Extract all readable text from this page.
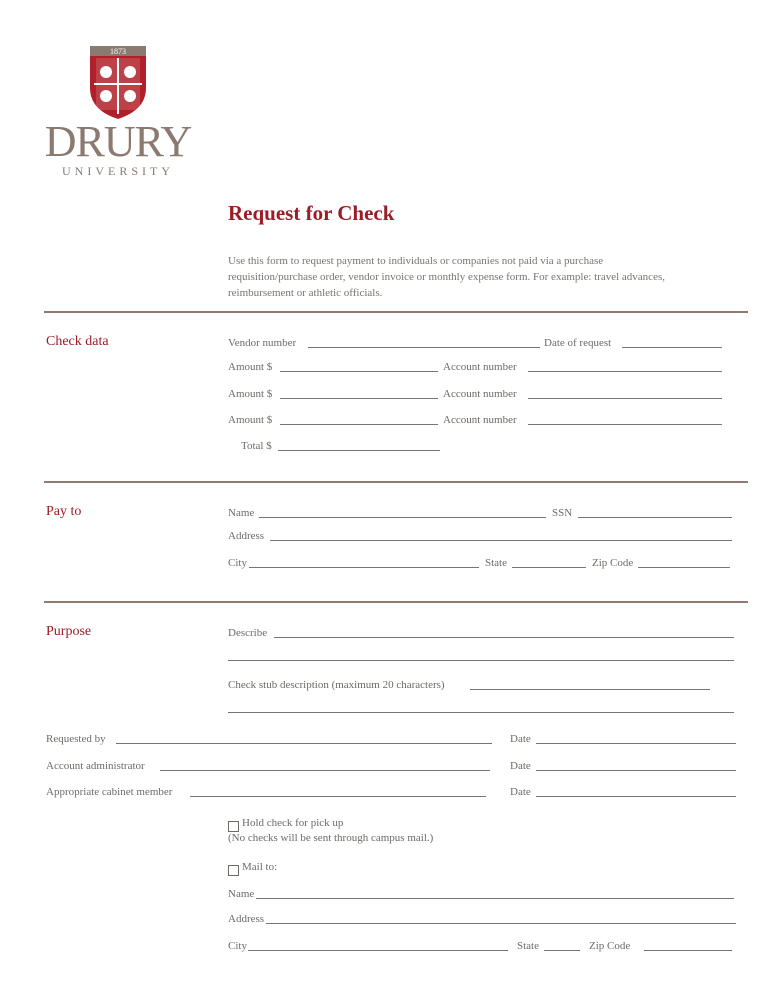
1873
DRURY
UNIVERSITY
Request for Check
Use this form to request payment to individuals or companies not paid via a purchase requisition/purchase order, vendor invoice or monthly expense form. For example: travel advances, reimbursement or athletic officials.
Check data	Vendor number	Date of request
Amount $	Account number
Amount $	Account number
Amount $	Account number
Total $
Pay to	Name	SSN
Address
City	State	Zip Code
Purpose	Describe
Check stub description (maximum 20 characters)
Requested by	Date
Account administrator	Date
Appropriate cabinet member	Date
Hold check for pick up
(No checks will be sent through campus mail.)
Mail to:
Name
Address
City	State	Zip Code
